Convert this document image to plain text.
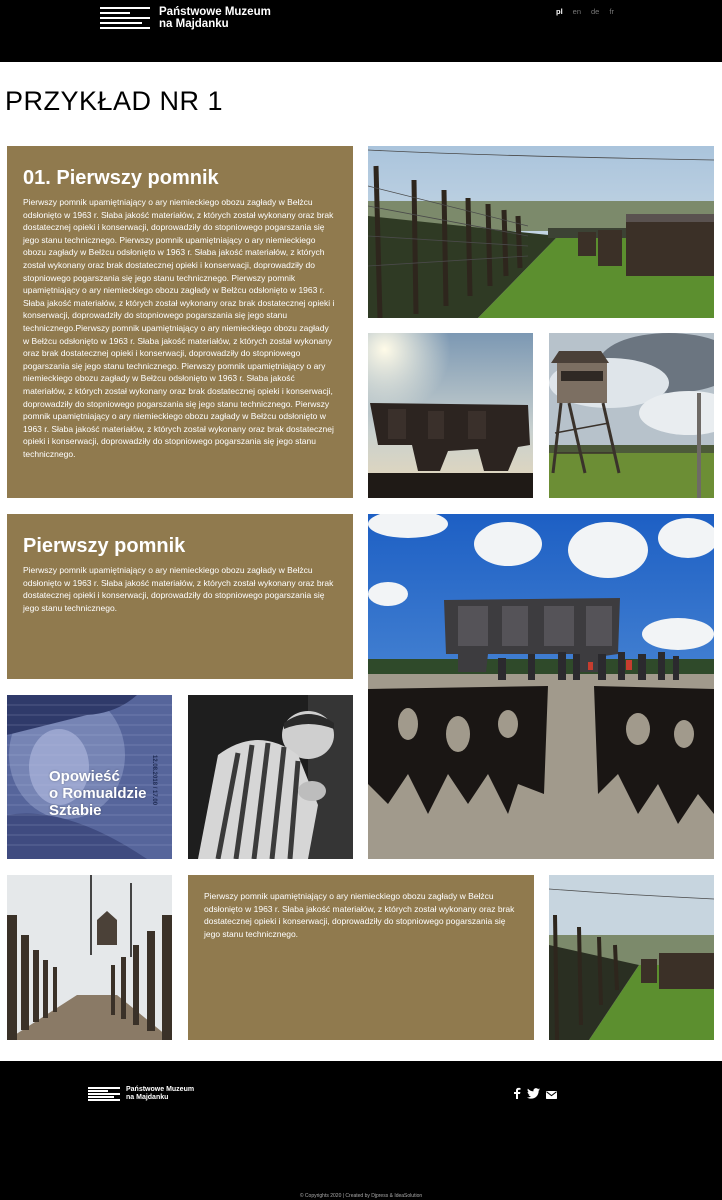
Państwowe Muzeum
na Majdanku
pl en de fr
PRZYKŁAD NR 1
01. Pierwszy pomnik

Pierwszy pomnik upamiętniający o ary niemieckiego obozu zagłady w Bełżcu odsłonięto w 1963 r. Słaba jakość materiałów, z których został wykonany oraz brak dostatecznej opieki i konserwacji, doprowadziły do stopniowego pogarszania się jego stanu technicznego. Pierwszy pomnik upamiętniający o ary niemieckiego obozu zagłady w Bełżcu odsłonięto w 1963 r. Słaba jakość materiałów, z których został wykonany oraz brak dostatecznej opieki i konserwacji, doprowadziły do stopniowego pogarszania się jego stanu technicznego. Pierwszy pomnik upamiętniający o ary niemieckiego obozu zagłady w Bełżcu odsłonięto w 1963 r. Słaba jakość materiałów, z których został wykonany oraz brak dostatecznej opieki i konserwacji, doprowadziły do stopniowego pogarszania się jego stanu technicznego.Pierwszy pomnik upamiętniający o ary niemieckiego obozu zagłady w Bełżcu odsłonięto w 1963 r. Słaba jakość materiałów, z których został wykonany oraz brak dostatecznej opieki i konserwacji, doprowadziły do stopniowego pogarszania się jego stanu technicznego. Pierwszy pomnik upamiętniający o ary niemieckiego obozu zagłady w Bełżcu odsłonięto w 1963 r. Słaba jakość materiałów, z których został wykonany oraz brak dostatecznej opieki i konserwacji, doprowadziły do stopniowego pogarszania się jego stanu technicznego. Pierwszy pomnik upamiętniający o ary niemieckiego obozu zagłady w Bełżcu odsłonięto w 1963 r. Słaba jakość materiałów, z których został wykonany oraz brak dostatecznej opieki i konserwacji, doprowadziły do stopniowego pogarszania się jego stanu technicznego.

Pierwszy pomnik

Pierwszy pomnik upamiętniający o ary niemieckiego obozu zagłady w Bełżcu odsłonięto w 1963 r. Słaba jakość materiałów, z których został wykonany oraz brak dostatecznej opieki i konserwacji, doprowadziły do stopniowego pogarszania się jego stanu technicznego.

Opowieść
o Romualdzie
Sztabie
12.08.2018 / 17.00

Pierwszy pomnik upamiętniający o ary niemieckiego obozu zagłady w Bełżcu odsłonięto w 1963 r. Słaba jakość materiałów, z których został wykonany oraz brak dostatecznej opieki i konserwacji, doprowadziły do stopniowego pogarszania się jego stanu technicznego.

Państwowe Muzeum
na Majdanku
© Copyrights 2020 | Created by Djpress & IdeaSolution
